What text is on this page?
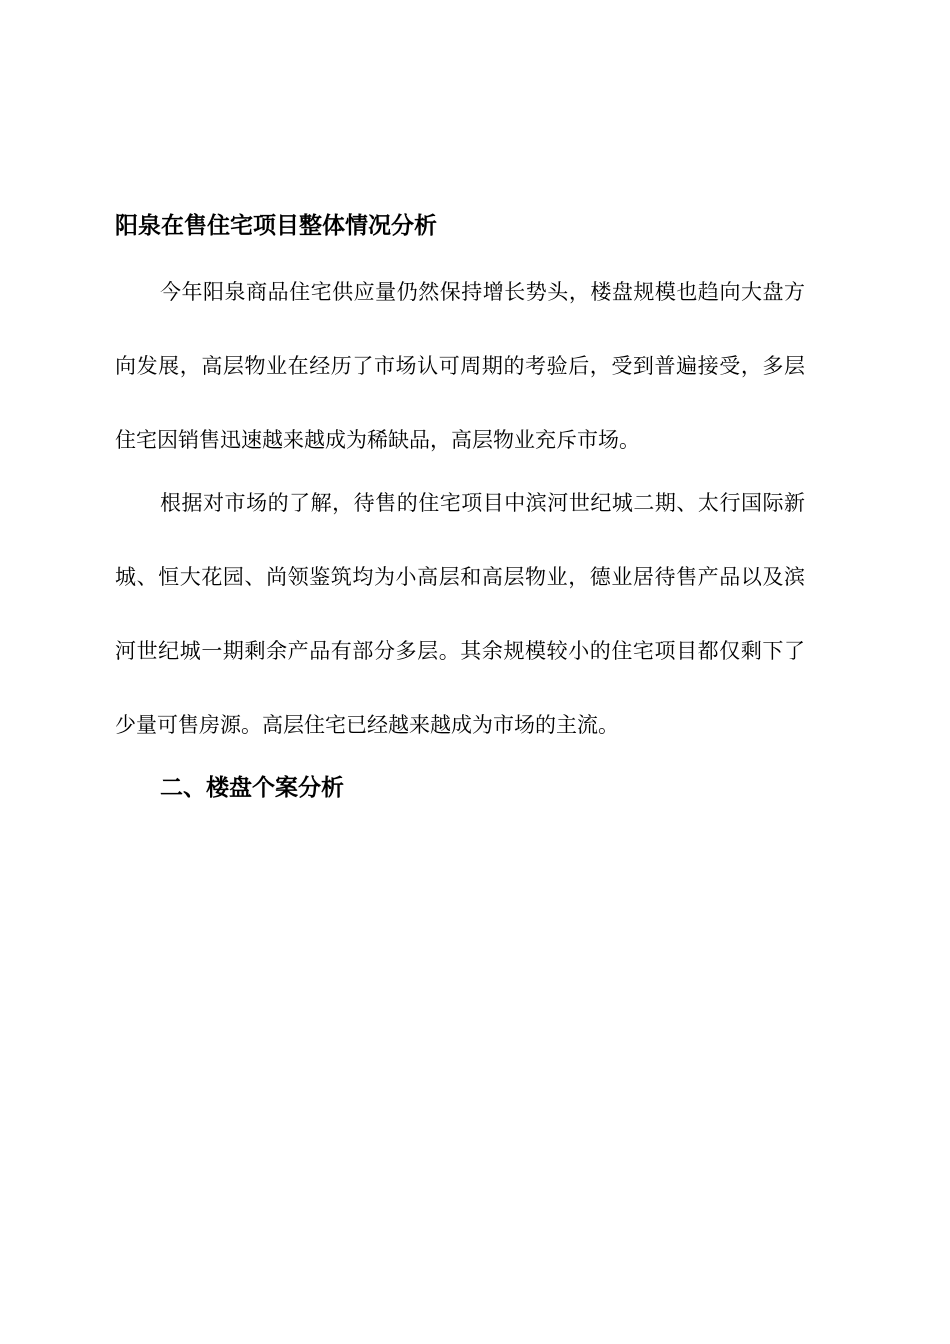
阳泉在售住宅项目整体情况分析

今年阳泉商品住宅供应量仍然保持增长势头，楼盘规模也趋向大盘方向发展，高层物业在经历了市场认可周期的考验后，受到普遍接受，多层住宅因销售迅速越来越成为稀缺品，高层物业充斥市场。

根据对市场的了解，待售的住宅项目中滨河世纪城二期、太行国际新城、恒大花园、尚领鉴筑均为小高层和高层物业，德业居待售产品以及滨河世纪城一期剩余产品有部分多层。其余规模较小的住宅项目都仅剩下了少量可售房源。高层住宅已经越来越成为市场的主流。

二、楼盘个案分析
